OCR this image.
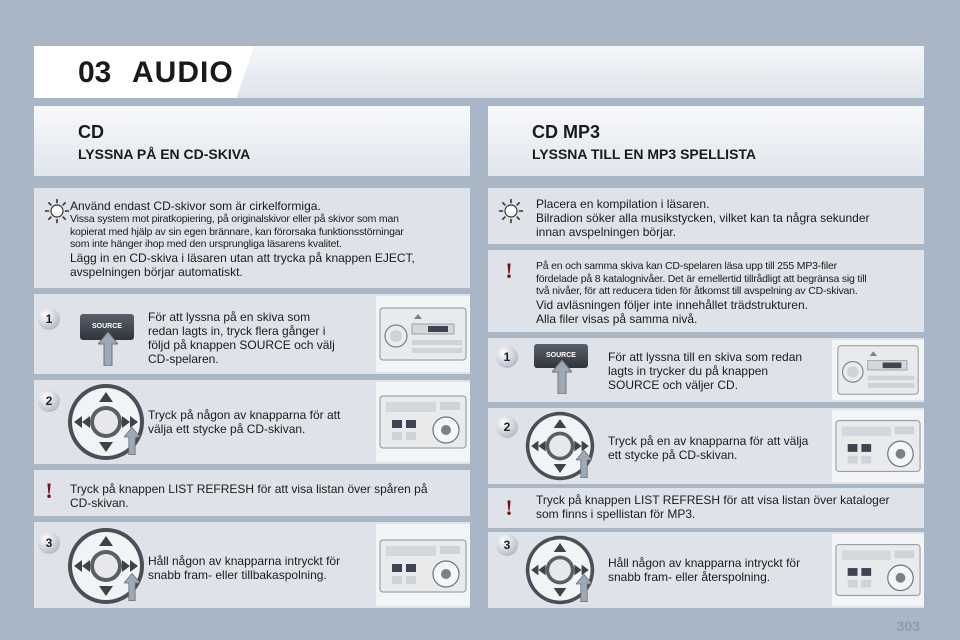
03 AUDIO
CD
LYSSNA PÅ EN CD-SKIVA
Använd endast CD-skivor som är cirkelformiga.
Vissa system mot piratkopiering, på originalskivor eller på skivor som man
kopierat med hjälp av sin egen brännare, kan förorsaka funktionsstörningar
som inte hänger ihop med den ursprungliga läsarens kvalitet.
Lägg in en CD-skiva i läsaren utan att trycka på knappen EJECT,
avspelningen börjar automatiskt.
1
SOURCE
För att lyssna på en skiva som
redan lagts in, tryck flera gånger i
följd på knappen SOURCE och välj
CD-spelaren.
2
Tryck på någon av knapparna för att
välja ett stycke på CD-skivan.
! Tryck på knappen LIST REFRESH för att visa listan över spåren på
CD-skivan.
3
Håll någon av knapparna intryckt för
snabb fram- eller tillbakaspolning.
CD MP3
LYSSNA TILL EN MP3 SPELLISTA
Placera en kompilation i läsaren.
Bilradion söker alla musikstycken, vilket kan ta några sekunder
innan avspelningen börjar.
!	På en och samma skiva kan CD-spelaren läsa upp till 255 MP3-filer
fördelade på 8 katalognivåer. Det är emellertid tillrådligt att begränsa sig till
två nivåer, för att reducera tiden för åtkomst till avspelning av CD-skivan.
Vid avläsningen följer inte innehållet trädstrukturen.
Alla filer visas på samma nivå.
1	SOURCE	För att lyssna till en skiva som redan
lagts in trycker du på knappen
SOURCE och väljer CD.
2
Tryck på en av knapparna för att välja
ett stycke på CD-skivan.
! Tryck på knappen LIST REFRESH för att visa listan över kataloger
som finns i spellistan för MP3.
3
Håll någon av knapparna intryckt för
snabb fram- eller återspolning.
303
